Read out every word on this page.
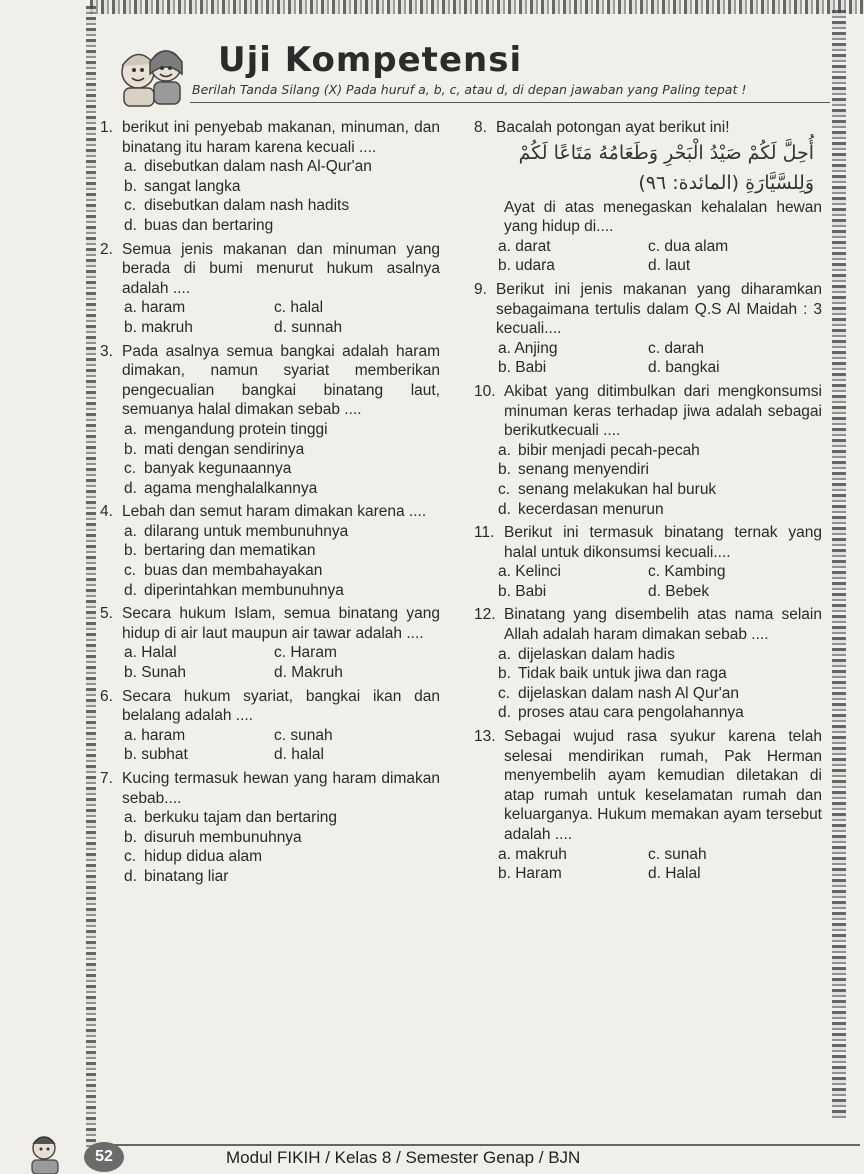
Uji Kompetensi
Berilah Tanda Silang (X) Pada huruf a, b, c, atau d, di depan jawaban yang Paling tepat !
1. berikut ini penyebab makanan, minuman, dan binatang itu haram karena kecuali ....
a. disebutkan dalam nash Al-Qur'an
b. sangat langka
c. disebutkan dalam nash hadits
d. buas dan bertaring
2. Semua jenis makanan dan minuman yang berada di bumi menurut hukum asalnya adalah ....
a. haram	c. halal
b. makruh	d. sunnah
3. Pada asalnya semua bangkai adalah haram dimakan, namun syariat memberikan pengecualian bangkai binatang laut, semuanya halal dimakan sebab ....
a. mengandung protein tinggi
b. mati dengan sendirinya
c. banyak kegunaannya
d. agama menghalalkannya
4. Lebah dan semut haram dimakan karena ....
a. dilarang untuk membunuhnya
b. bertaring dan mematikan
c. buas dan membahayakan
d. diperintahkan membunuhnya
5. Secara hukum Islam, semua binatang yang hidup di air laut maupun air tawar adalah ....
a. Halal	c. Haram
b. Sunah	d. Makruh
6. Secara hukum syariat, bangkai ikan dan belalang adalah ....
a. haram	c. sunah
b. subhat	d. halal
7. Kucing termasuk hewan yang haram dimakan sebab....
a. berkuku tajam dan bertaring
b. disuruh membunuhnya
c. hidup didua alam
d. binatang liar
8. Bacalah potongan ayat berikut ini!
أُحِلَّ لَكُمْ صَيْدُ الْبَحْرِ وَطَعَامُهُ مَتَاعًا لَكُمْ
وَلِلسَّيَّارَةِ (المائدة: ٩٦)
Ayat di atas menegaskan kehalalan hewan yang hidup di....
a. darat	c. dua alam
b. udara	d. laut
9. Berikut ini jenis makanan yang diharamkan sebagaimana tertulis dalam Q.S Al Maidah : 3 kecuali....
a. Anjing	c. darah
b. Babi	d. bangkai
10. Akibat yang ditimbulkan dari mengkonsumsi minuman keras terhadap jiwa adalah sebagai berikutkecuali ....
a. bibir menjadi pecah-pecah
b. senang menyendiri
c. senang melakukan hal buruk
d. kecerdasan menurun
11. Berikut ini termasuk binatang ternak yang halal untuk dikonsumsi kecuali....
a. Kelinci	c. Kambing
b. Babi	d. Bebek
12. Binatang yang disembelih atas nama selain Allah adalah haram dimakan sebab ....
a. dijelaskan dalam hadis
b. Tidak baik untuk jiwa dan raga
c. dijelaskan dalam nash Al Qur'an
d. proses atau cara pengolahannya
13. Sebagai wujud rasa syukur karena telah selesai mendirikan rumah, Pak Herman menyembelih ayam kemudian diletakan di atap rumah untuk keselamatan rumah dan keluarganya. Hukum memakan ayam tersebut adalah ....
a. makruh	c. sunah
b. Haram	d. Halal
52	Modul FIKIH / Kelas 8 / Semester Genap / BJN
